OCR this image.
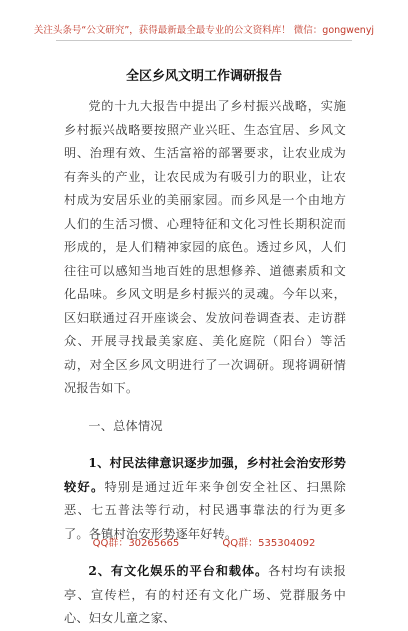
关注头条号“公文研究”，获得最新最全最专业的公文资料库！ 微信：gongwenyj
全区乡风文明工作调研报告

党的十九大报告中提出了乡村振兴战略，实施乡村振兴战略要按照产业兴旺、生态宜居、乡风文明、治理有效、生活富裕的部署要求，让农业成为有奔头的产业，让农民成为有吸引力的职业，让农村成为安居乐业的美丽家园。而乡风是一个由地方人们的生活习惯、心理特征和文化习性长期积淀而形成的，是人们精神家园的底色。透过乡风，人们往往可以感知当地百姓的思想修养、道德素质和文化品味。乡风文明是乡村振兴的灵魂。今年以来，区妇联通过召开座谈会、发放问卷调查表、走访群众、开展寻找最美家庭、美化庭院（阳台）等活动，对全区乡风文明进行了一次调研。现将调研情况报告如下。

一、总体情况

1、村民法律意识逐步加强，乡村社会治安形势较好。特别是通过近年来争创安全社区、扫黑除恶、七五普法等行动，村民遇事靠法的行为更多了。各镇村治安形势逐年好转。

2、有文化娱乐的平台和载体。各村均有读报亭、宣传栏，有的村还有文化广场、党群服务中心、妇女儿童之家、

QQ群：30265665	QQ群：535304092
